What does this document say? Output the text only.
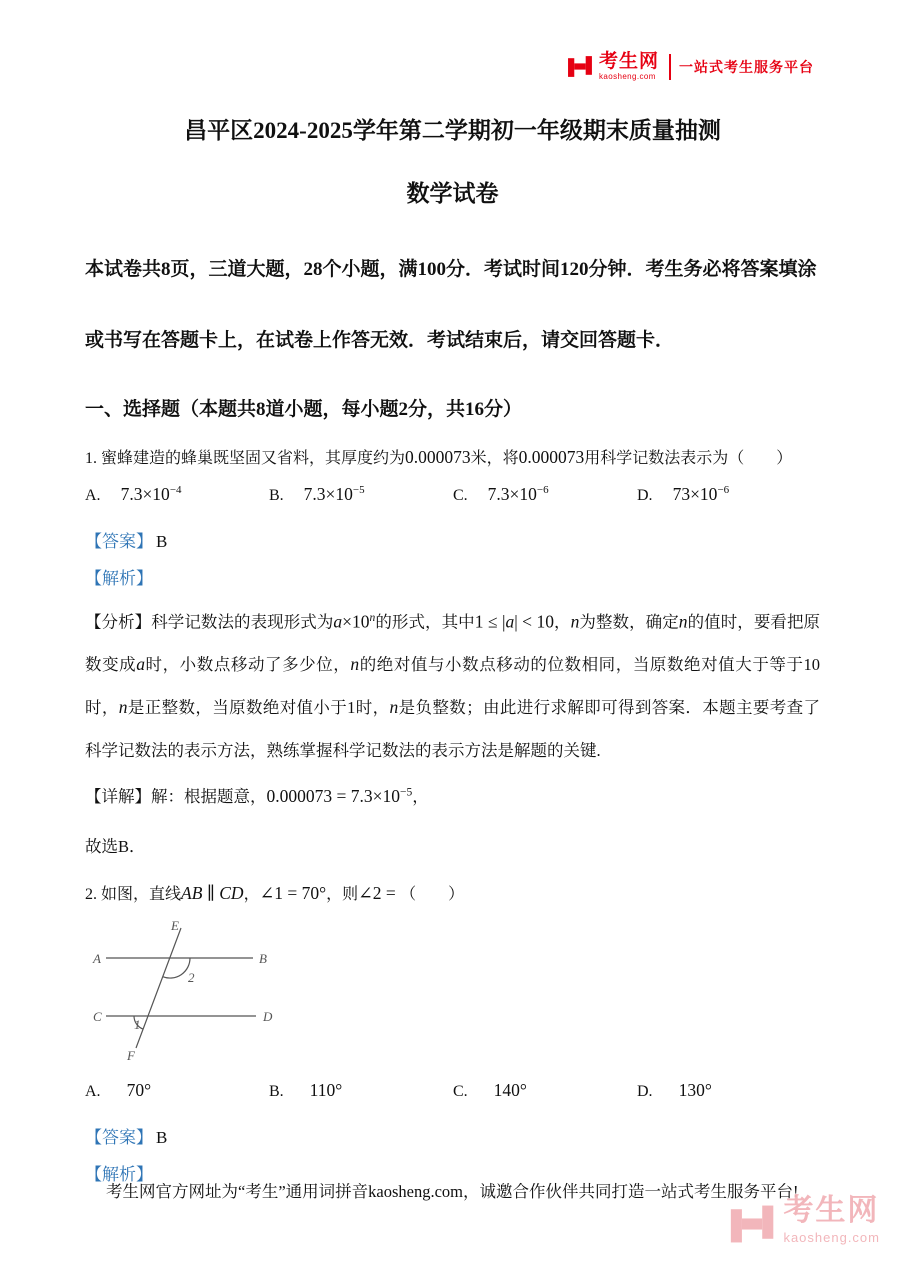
考生网
kaosheng.com
一站式考生服务平台
昌平区2024-2025学年第二学期初一年级期末质量抽测
数学试卷

本试卷共8页，三道大题，28个小题，满100分．考试时间120分钟．考生务必将答案填涂

或书写在答题卡上，在试卷上作答无效．考试结束后，请交回答题卡．

一、选择题（本题共8道小题，每小题2分，共16分）

1. 蜜蜂建造的蜂巢既坚固又省料，其厚度约为0.000073米，将0.000073用科学记数法表示为（　　）

A. $7.3\times 10^{-4}$	B. $7.3\times 10^{-5}$	C. $7.3\times 10^{-6}$	D. $73\times 10^{-6}$

【答案】 B

【解析】

【分析】科学记数法的表现形式为$a\times 10^n$的形式，其中1 ≤ |a| < 10，n为整数，确定n的值时，要看把原数变成a时，小数点移动了多少位，n的绝对值与小数点移动的位数相同，当原数绝对值大于等于10时，n是正整数，当原数绝对值小于1时，n是负整数；由此进行求解即可得到答案．本题主要考查了科学记数法的表示方法，熟练掌握科学记数法的表示方法是解题的关键.

【详解】解：根据题意，$0.000073 = 7.3\times 10^{-5}$，

故选B．

2. 如图，直线AB ∥ CD，∠1 = 70°，则∠2 = （　　）

A	B
C	D
E
F
2
1
A. 70°	B. 110°	C. 140°	D. 130°

【答案】 B

【解析】

考生网官方网址为“考生”通用词拼音kaosheng.com，诚邀合作伙伴共同打造一站式考生服务平台!

考生网
kaosheng.com
